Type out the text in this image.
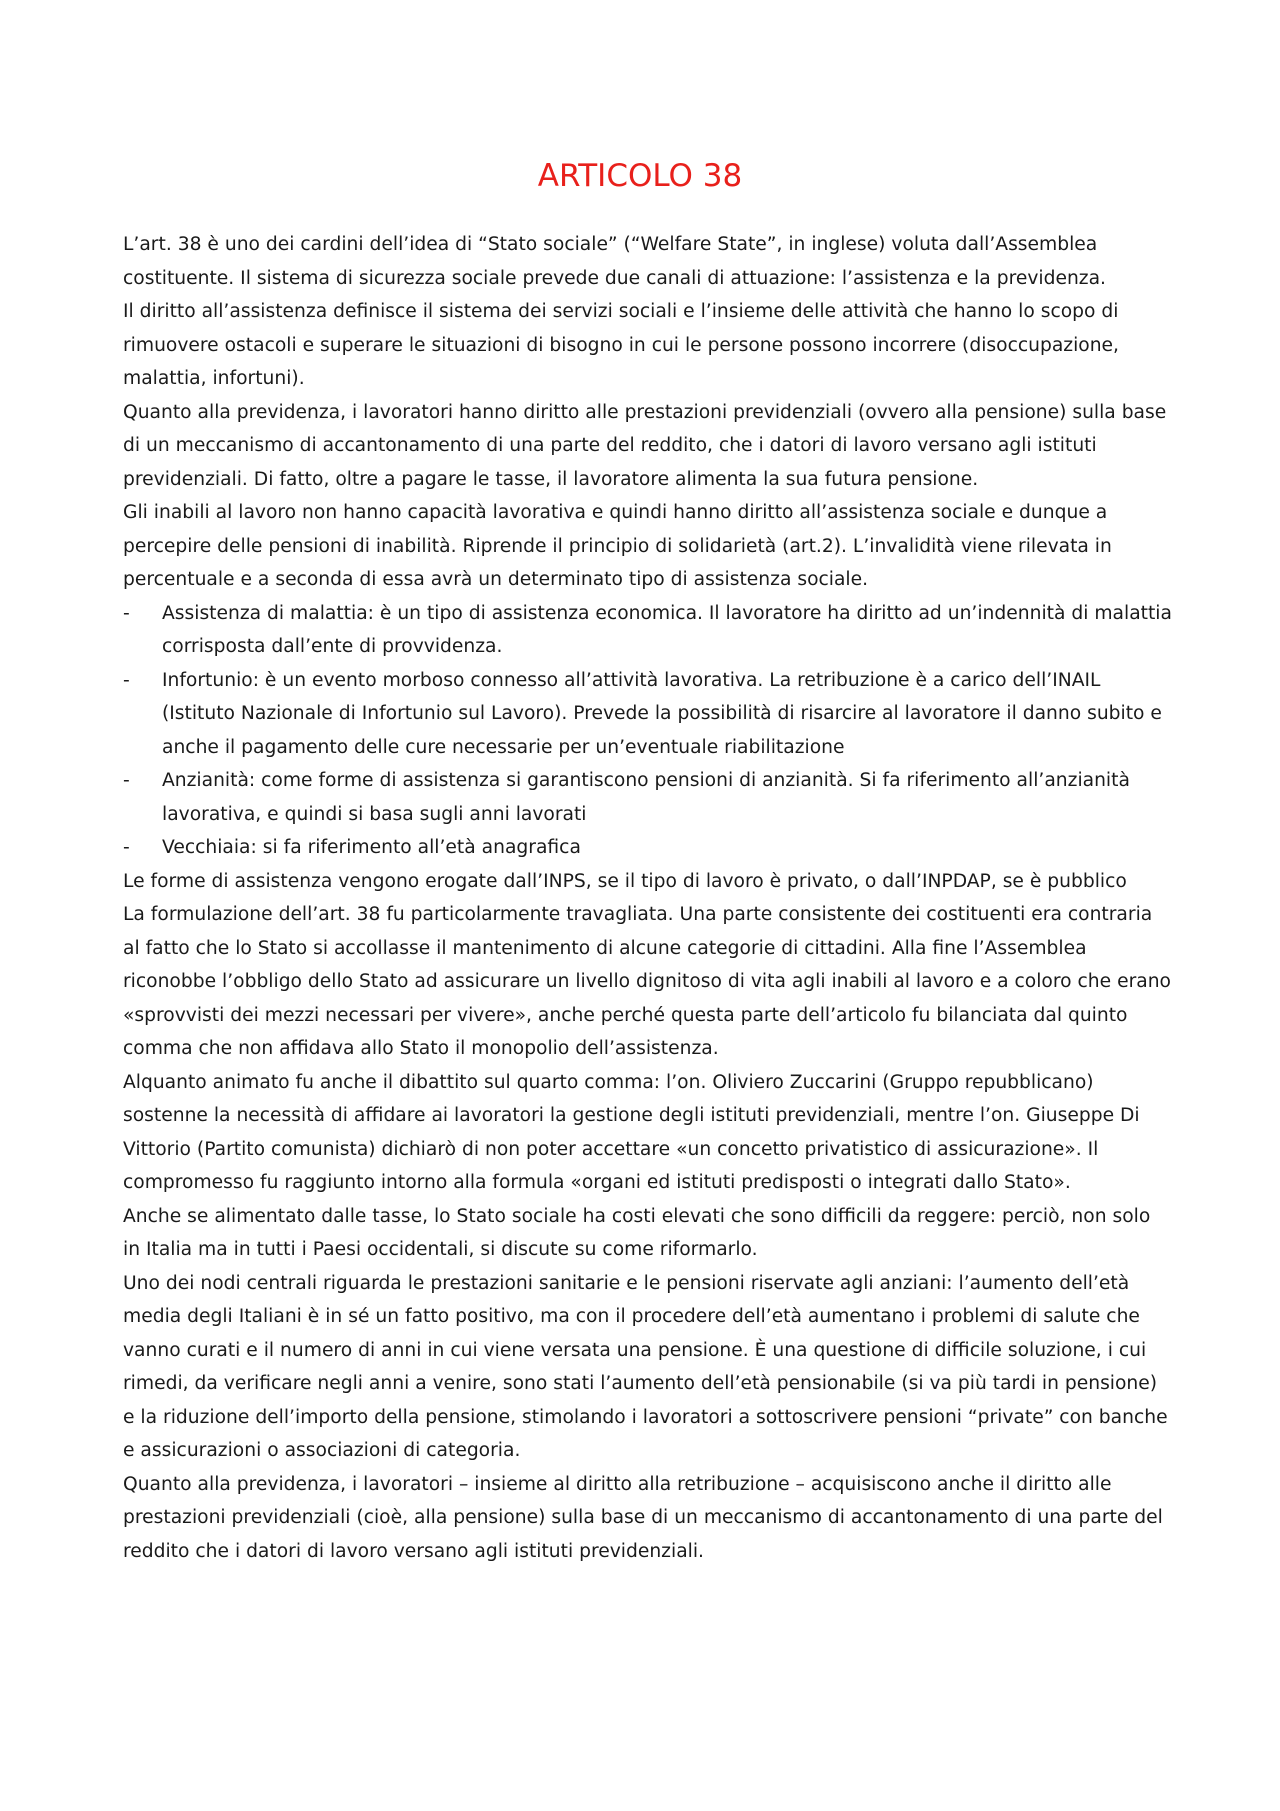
ARTICOLO 38

L’art. 38 è uno dei cardini dell’idea di “Stato sociale” (“Welfare State”, in inglese) voluta dall’Assemblea costituente. Il sistema di sicurezza sociale prevede due canali di attuazione: l’assistenza e la previdenza.

Il diritto all’assistenza definisce il sistema dei servizi sociali e l’insieme delle attività che hanno lo scopo di rimuovere ostacoli e superare le situazioni di bisogno in cui le persone possono incorrere (disoccupazione, malattia, infortuni).

Quanto alla previdenza, i lavoratori hanno diritto alle prestazioni previdenziali (ovvero alla pensione) sulla base di un meccanismo di accantonamento di una parte del reddito, che i datori di lavoro versano agli istituti previdenziali. Di fatto, oltre a pagare le tasse, il lavoratore alimenta la sua futura pensione.

Gli inabili al lavoro non hanno capacità lavorativa e quindi hanno diritto all’assistenza sociale e dunque a percepire delle pensioni di inabilità. Riprende il principio di solidarietà (art.2). L’invalidità viene rilevata in percentuale e a seconda di essa avrà un determinato tipo di assistenza sociale.

-	Assistenza di malattia: è un tipo di assistenza economica. Il lavoratore ha diritto ad un’indennità di malattia corrisposta dall’ente di provvidenza.
-	Infortunio: è un evento morboso connesso all’attività lavorativa. La retribuzione è a carico dell’INAIL (Istituto Nazionale di Infortunio sul Lavoro). Prevede la possibilità di risarcire al lavoratore il danno subito e anche il pagamento delle cure necessarie per un’eventuale riabilitazione
-	Anzianità: come forme di assistenza si garantiscono pensioni di anzianità. Si fa riferimento all’anzianità lavorativa, e quindi si basa sugli anni lavorati
-	Vecchiaia: si fa riferimento all’età anagrafica

Le forme di assistenza vengono erogate dall’INPS, se il tipo di lavoro è privato, o dall’INPDAP, se è pubblico

La formulazione dell’art. 38 fu particolarmente travagliata. Una parte consistente dei costituenti era contraria al fatto che lo Stato si accollasse il mantenimento di alcune categorie di cittadini. Alla fine l’Assemblea riconobbe l’obbligo dello Stato ad assicurare un livello dignitoso di vita agli inabili al lavoro e a coloro che erano «sprovvisti dei mezzi necessari per vivere», anche perché questa parte dell’articolo fu bilanciata dal quinto comma che non affidava allo Stato il monopolio dell’assistenza.

Alquanto animato fu anche il dibattito sul quarto comma: l’on. Oliviero Zuccarini (Gruppo repubblicano) sostenne la necessità di affidare ai lavoratori la gestione degli istituti previdenziali, mentre l’on. Giuseppe Di Vittorio (Partito comunista) dichiarò di non poter accettare «un concetto privatistico di assicurazione». Il compromesso fu raggiunto intorno alla formula «organi ed istituti predisposti o integrati dallo Stato».

Anche se alimentato dalle tasse, lo Stato sociale ha costi elevati che sono difficili da reggere: perciò, non solo in Italia ma in tutti i Paesi occidentali, si discute su come riformarlo.

Uno dei nodi centrali riguarda le prestazioni sanitarie e le pensioni riservate agli anziani: l’aumento dell’età media degli Italiani è in sé un fatto positivo, ma con il procedere dell’età aumentano i problemi di salute che vanno curati e il numero di anni in cui viene versata una pensione. È una questione di difficile soluzione, i cui rimedi, da verificare negli anni a venire, sono stati l’aumento dell’età pensionabile (si va più tardi in pensione) e la riduzione dell’importo della pensione, stimolando i lavoratori a sottoscrivere pensioni “private” con banche e assicurazioni o associazioni di categoria.

Quanto alla previdenza, i lavoratori – insieme al diritto alla retribuzione – acquisiscono anche il diritto alle prestazioni previdenziali (cioè, alla pensione) sulla base di un meccanismo di accantonamento di una parte del reddito che i datori di lavoro versano agli istituti previdenziali.
